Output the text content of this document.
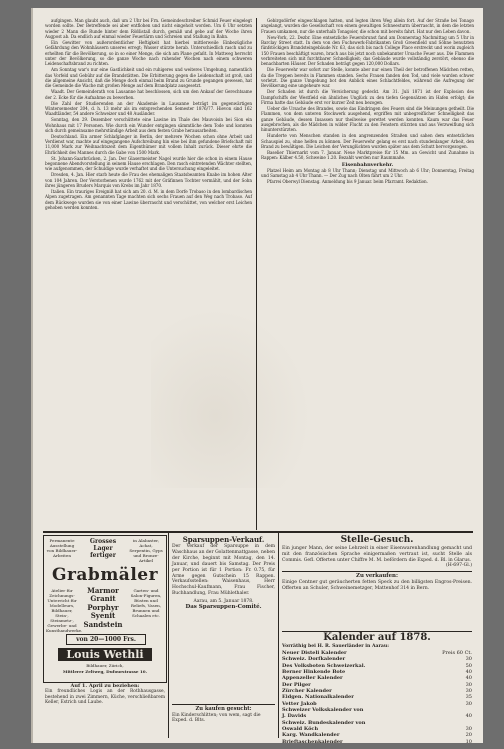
aufgingen. Man glaubt auch, daß um 2 Uhr bei Frn. Gemeindeschreiber Schmid Feuer eingelegt worden sollte. Der Betreffende sei aber entflohen und nicht eingeholt worden. Um 6 Uhr setzten wieder 2 Mann die Runde hinter dem Rößlistall durch, gemäß und gebe auf der Woche ihren Augpost ab. Da endlich auf einmal wieder Feuerlärm und Schreien und Stallung in Bahn.

Ein Gewitter von außerordentlicher Heftigkeit hat hierbei mittlerweile Einbezügliche Gefährdung den Wohnhäusern unseres erregt; Wasser stürzte herab. Unterschiedlich rasch und zu erhellten für die Bevölkerung, so in so einer Menge, die sich am Plane gefaßt. In Mattweg herrscht unter der Bevölkerung, so die ganze Woche nach ruhender Wochen nach einem schweren Leidenschaftsbrand zu richten.

Am Sonntag war's nur eine Gastlichkeit und ein ruhigeres und weiteres Umgehung, namentlich das Vorfeld und Gebühr auf die Brandstätten. Die Erbitterung gegen die Leidenschaft ist groß, und die allgemeine Ansicht, daß die Menge doch einmal beim Brand zu Grunde gegangen gewesen, hat die Gemeinde die Wache mit großen Menge auf dem Brandplatz ausgesetzt.

Waadt. Der Gemeinderath von Lausanne hat beschlossen, sich um den Ankauf der Gerechtsame der 2. Ecke für die Aufnahme zu bewerben.

Die Zahl der Studierenden an der Akademie in Lausanne beträgt im gegenwärtigen Wintersemester 204, d. h. 13 mehr als im entsprechenden Semester 1876/77. Hievon sind 162 Waadtländer, 54 andere Schweizer und 48 Ausländer.

Sonntag, den 29. Dezember verschüttete eine Lawine im Thale des Mauvoisin bei Sion ein Wohnhaus mit 17 Personen. Wie durch ein Wunder entgingen sämmtliche dem Tode und konnten sich durch gemeinsame mehrstündige Arbeit aus dem festen Grabe herausarbeiten.

Deutschland. Ein armer Schlafgänger in Berlin, der mehrere Wochen schon ohne Arbeit und Verdienst war, machte auf eingegangene Aufschreibung hin eine bei ihm gefundene Briefschaft mit 11,000 Mark zur Weihnachtszeit dem Eigenthümer mit vollem Inhalt zurück. Dieser ehrte die Ehrlichkeit des Mannes durch die Gabe von 1500 Mark.

St. Johann-Saarbrücken, 2. Jan. Der Glasermeister Nagel wurde hier die schon in einem Hause begonnene Abendvorstellung in seinem Hause erschlagen. Den rasch eintretenden Wächter stellten, wie aufgenommen, der Schuldige wurde verhaftet und die Untersuchung eingeleitet.

Dresden, 4. Jan. Hier starb heute die Frau des ehemaligen Staatsbeamten Knabe im hohen Alter von 104 Jahren. Der Verstorbenen wurde 1762 mit der Gräfinnen Tochter vermählt, und der Sohn ihres jüngeren Bruders Marquis von Krebs im Jahr 1870.

Italien. Ein trauriges Ereigniß hat sich am 20. d. M. in dem Dorfe Trobaso in den lombardischen Alpen zugetragen. Am genannten Tage machten sich sechs Frauen auf den Weg nach Trobaso. Auf dem Rückwege wurden sie von einer Lawine überrascht und verschüttet, von welcher erst Leichen gehoben werden konnten.

Gebirgsdörfer eingeschlagen hatten, und legten ihren Weg allein fort. Auf der Straße bei Tonago angelangt, wurden die Gesellschaft von einem gewaltigen Schneesturm überrascht, in dem die letzten Frauen umkamen, nur die unterhalb Tonagoier, die schon mit bereits fahrt. Hat nur den Leben davon.

New-York, 22. Dezbr. Eine entsetzliche Feuersbrunst fand am Donnerstag Nachmittag um 5 Uhr in Barclay Street statt. In dem von den Fuchswerk-Fabrikanten Groß Greenfield und Söhne benutzten fünfstöckigen Brandsteingebäude Nr. 63, das sich bis nach College Place erstreckt und worin zugleich 150 Frauen beschäftigt waren, brach aus bis jetzt noch unbekannter Ursache Feuer aus. Die Flammen verbreiteten sich mit furchtbarer Schnelligkeit; das Gebäude wurde vollständig zerstört, ebenso die benachbarten Häuser. Der Schaden beträgt gegen 120,000 Dollars.

Die Feuerwehr war sofort zur Stelle, konnte aber nur einen Theil der betroffenen Mädchen retten, da die Treppen bereits in Flammen standen. Sechs Frauen fanden den Tod, und viele wurden schwer verletzt. Die ganze Umgebung bot den Anblick eines Schlachtfeldes, während die Aufregung der Bevölkerung eine ungeheure war.

Der Schaden ist durch die Versicherung gedeckt. Am 31. Juli 1871 ist der Explosion des Dampfschiffs der Westfield ein ähnliches Unglück zu den tiefen Gegensätzen im Hafen erfolgt; die Firma hatte das Gebäude erst vor kurzer Zeit neu bezogen.

Ueber die Ursache des Brandes, sowie das Eindringen des Feuers sind die Meinungen getheilt. Die Flammen, von dem unteren Stockwerk ausgehend, ergriffen mit unbegreiflicher Schnelligkeit das ganze Gebäude, dessen Insassen nur theilweise gerettet werden konnten. Kaum war das Feuer ausgebrochen, als die Mädchen in wilder Flucht zu den Fenstern stürzten und aus Verzweiflung sich hinunterstürzten.

Hunderte von Menschen standen in den angrenzenden Straßen und sahen dem entsetzlichen Schauspiel zu, ohne helfen zu können. Der Feuerwehr gelang es erst nach stundenlanger Arbeit, den Brand zu bewältigen. Die Leichen der Verunglückten wurden später aus dem Schutt hervorgezogen.

Baselier Thiernarkt vom 7. Januar. Neue Marktpreise für 15 Mm. an Gewicht und Zunahme in Rappen: Kälber 4.50, Schweine 1.20. Bezahlt werden nur Raummaße.

Eisenbahnverkehr.

Platzel Heim am Montag ab 8 Uhr Thann; Dienstag und Mittwoch ab 6 Uhr; Donnerstag, Freitag und Samstag ab 4 Uhr Thann. — Der Zug nach Olten fährt um 2 Uhr.

Pfarrei Oberwyl Dienstag. Anmeldung bis 9 Januar. beim Pfarramt. Redaktion.

Permanente Ausstellung von Bildhauer-Arbeiten
Grosses Lager fertiger
in Alabaster, Achat, Serpentin, Gyps und Bronze-Artikel
Grabmäler
Atelier für Zeichnungs-Unterricht für Modelleurs, Bildhauer, Stein-, Steinmetz-, Gewerbe- und Kunsthandwerke.
Marmor
Granit
Porphyr
Syenit
Sandstein
Garten- und Salon-Figuren, Büsten und Reliefs, Vasen, Brunnen und Schaalen etc.
von 20—1000 Frs.
Louis Wethli
Bildhauer, Zürich,
Mittlerer Zeltweg, Dufourstrasse 10.
Auf 1. April zu beziehen:
Ein freundliches Logis an der Rothhausgasse, bestehend in zwei Zimmern, Küche, verschließbarem Keller, Estrich und Laube.
Sparsuppen-Verkauf.
Der Verkauf der Sparsuppe in dem Waschhaus an der Golattenmattgasse, neben der Kirche, beginnt mit Montag, den 14. Januar, und dauert bis Samstag. Der Preis per Portion ist für 1 Portion: Fr. 0.75, für Arme gegen Gutschein 15 Rappen. Verkaufsstellen: Waisenhaus, Herr Hochschul-Kaufmann, Frau Fischer, Buchhandlung, Frau Mühlethaler.
Aarau, am 5. Januar 1878.
Das Sparsuppen-Comité.
Zu kaufen gesucht:
Ein Kinderschlitten; von wem, sagt die Exped. d. Blts.
Stelle-Gesuch.
Ein junger Mann, der seine Lehrzeit in einer Eisenwarenhandlung gemacht und mit den französischen Sprache einigermaßen vertraut ist, sucht Stelle als Commis. Gefl. Offerten unter Chiffre M. M. befördern die Exped. d. Bl. in Glarus.
(H-697-Gl.)
Zu verkaufen:
Einige Centner gut geräucherten fetten Speck zu den billigsten Engros-Preisen. Offerten an Schuler, Schweinemetzger, Mattenhof 314 in Bern.
Kalender auf 1878.
Vorräthig bei H. R. Sauerländer in Aarau:
Neuer Disteli Kalender	Preis 60 Ct.
Schweiz. Dorfkalender	30
Des Volksboten Schweizerkal.	50
Berner Hinkende Bote	40
Appenzeller Kalender	40
Der Pilger	30
Zürcher Kalender	30
Eidgen. Nationalkalender	35
Vetter Jakob	30
Schweizer Volkskalender von
J. Davids	40
Schweiz. Bundeskalender von
Oswald Köch	30
Karg. Wandkalender	20
Brieftaschenkalender	10
